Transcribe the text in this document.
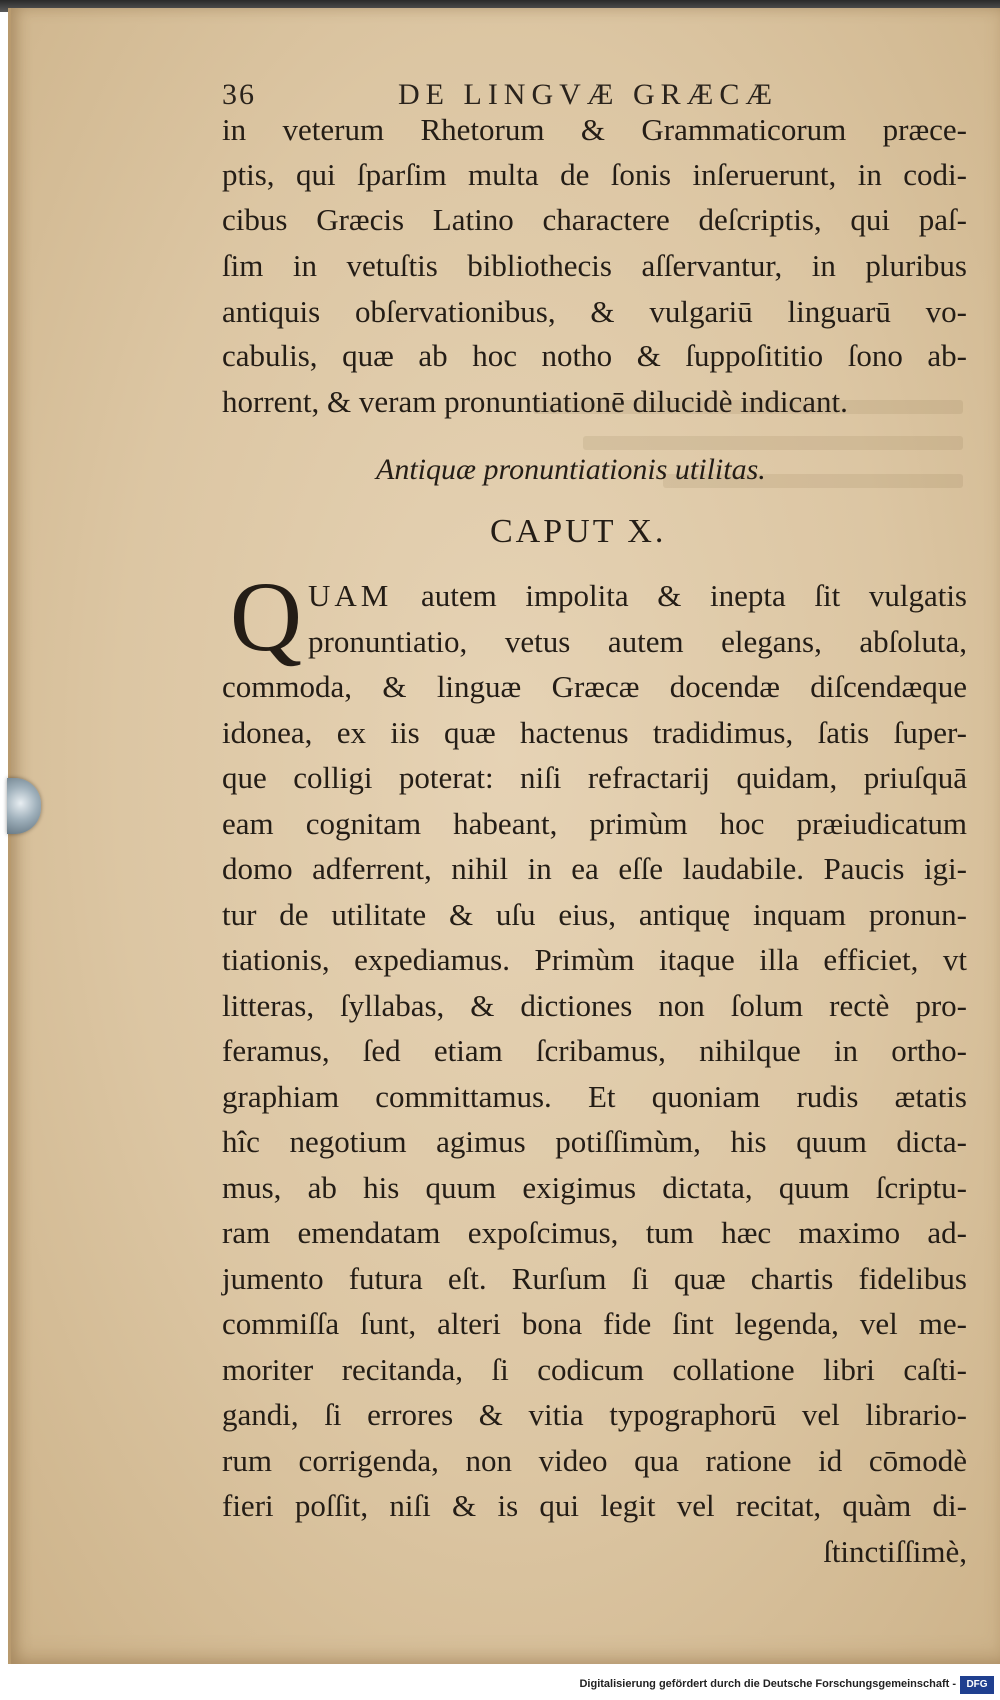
36	DE LINGVÆ GRÆCÆ
in veterum Rhetorum & Grammaticorum præce-
ptis, qui ſparſim multa de ſonis inſeruerunt, in codi-
cibus Græcis Latino charactere deſcriptis, qui paſ-
ſim in vetuſtis bibliothecis aſſervantur, in pluribus
antiquis obſervationibus, & vulgariū linguarū vo-
cabulis, quæ ab hoc notho & ſuppoſititio ſono ab-
horrent, & veram pronuntiationē dilucidè indicant.
Antiquæ pronuntiationis utilitas.
CAPUT X.
Q UAM autem impolita & inepta ſit vulgatis
pronuntiatio, vetus autem elegans, abſoluta,
commoda, & linguæ Græcæ docendæ diſcendæque
idonea, ex iis quæ hactenus tradidimus, ſatis ſuper-
que colligi poterat: niſi refractarij quidam, priuſquā
eam cognitam habeant, primùm hoc præiudicatum
domo adferrent, nihil in ea eſſe laudabile. Paucis igi-
tur de utilitate & uſu eius, antiquę inquam pronun-
tiationis, expediamus. Primùm itaque illa efficiet, vt
litteras, ſyllabas, & dictiones non ſolum rectè pro-
feramus, ſed etiam ſcribamus, nihilque in ortho-
graphiam committamus. Et quoniam rudis ætatis
hîc negotium agimus potiſſimùm, his quum dicta-
mus, ab his quum exigimus dictata, quum ſcriptu-
ram emendatam expoſcimus, tum hæc maximo ad-
jumento futura eſt. Rurſum ſi quæ chartis fidelibus
commiſſa ſunt, alteri bona fide ſint legenda, vel me-
moriter recitanda, ſi codicum collatione libri caſti-
gandi, ſi errores & vitia typographorū vel librario-
rum corrigenda, non video qua ratione id cōmodè
fieri poſſit, niſi & is qui legit vel recitat, quàm di-
ſtinctiſſimè,
Digitalisierung gefördert durch die Deutsche Forschungsgemeinschaft -	DFG
